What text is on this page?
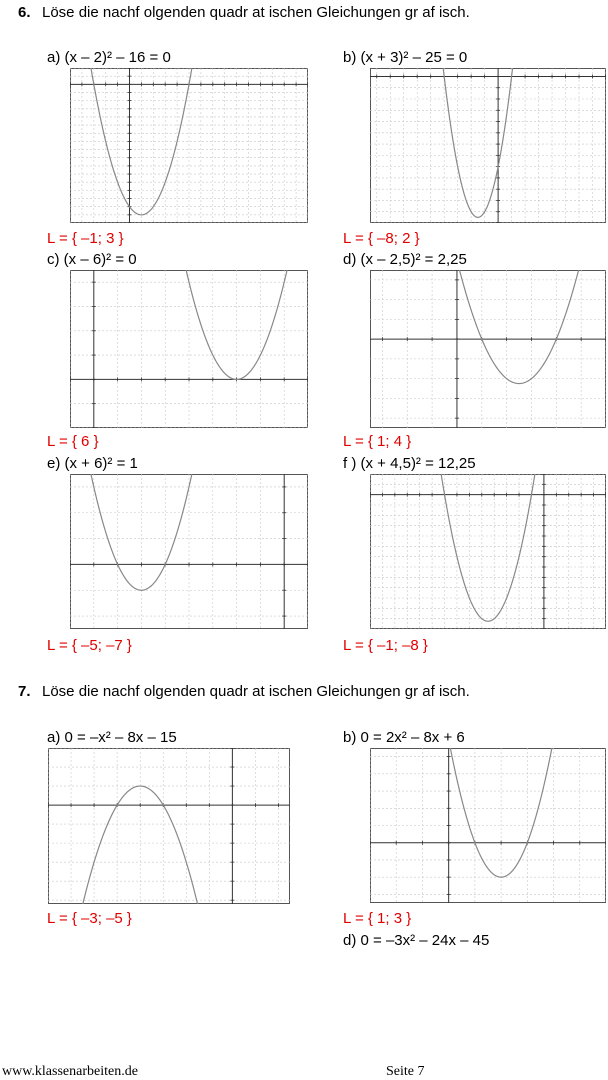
6. Löse die nachf olgenden quadr at ischen Gleichungen gr af isch.
a) (x – 2)² – 16 = 0	b) (x + 3)² – 25 = 0
L = { –1; 3 }	L = { –8; 2 }
c) (x – 6)² = 0	d) (x – 2,5)² = 2,25
L = { 6 }	L = { 1; 4 }
e) (x + 6)² = 1	f ) (x + 4,5)² = 12,25
L = { –5; –7 }	L = { –1; –8 }
7. Löse die nachf olgenden quadr at ischen Gleichungen gr af isch.
a) 0 = –x² – 8x – 15	b) 0 = 2x² – 8x + 6
L = { –3; –5 }	L = { 1; 3 }
d) 0 = –3x² – 24x – 45
www.klassenarbeiten.de	Seite 7
